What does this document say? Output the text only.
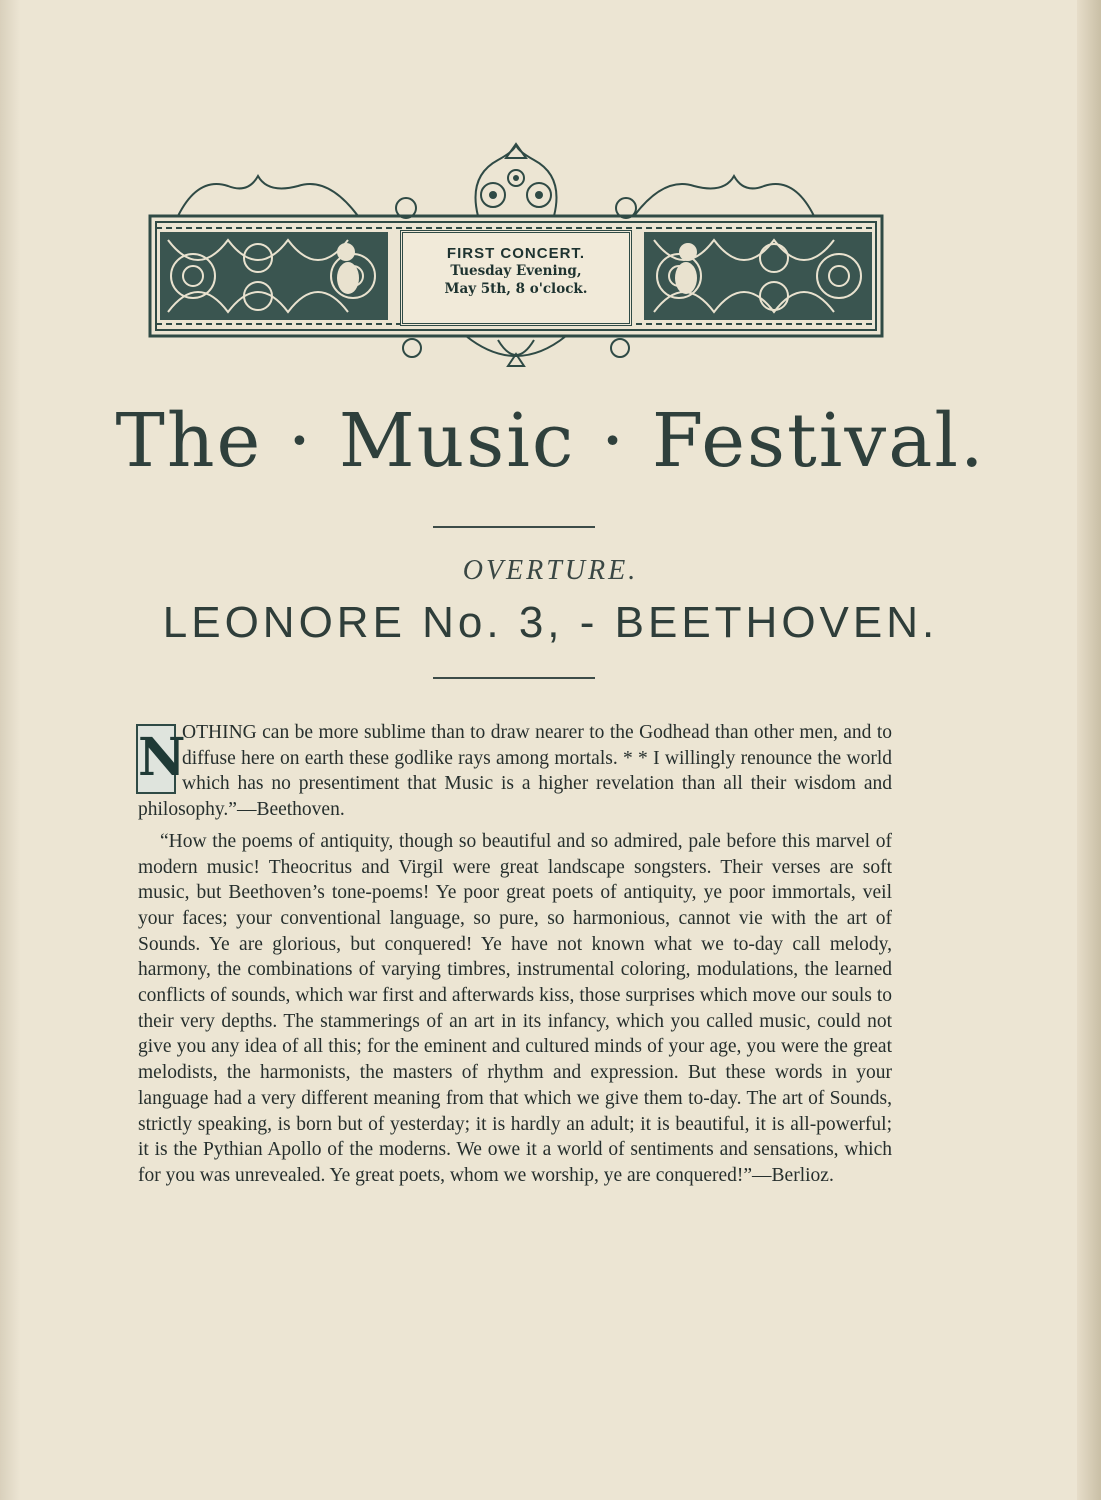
FIRST CONCERT.
Tuesday Evening,
May 5th, 8 o'clock.
The · Music · Festival.
OVERTURE.
LEONORE No. 3, - BEETHOVEN.

N
OTHING can be more sublime than to draw nearer to the Godhead than other men, and to diffuse here on earth these godlike rays among mortals. * * I willingly renounce the world which has no presentiment that Music is a higher revelation than all their wisdom and philosophy.”—Beethoven.

“How the poems of antiquity, though so beautiful and so admired, pale before this marvel of modern music! Theocritus and Virgil were great landscape songsters. Their verses are soft music, but Beethoven’s tone-poems! Ye poor great poets of antiquity, ye poor immortals, veil your faces; your conventional language, so pure, so harmonious, cannot vie with the art of Sounds. Ye are glorious, but conquered! Ye have not known what we to-day call melody, harmony, the combinations of varying timbres, instrumental coloring, modulations, the learned conflicts of sounds, which war first and afterwards kiss, those surprises which move our souls to their very depths. The stammerings of an art in its infancy, which you called music, could not give you any idea of all this; for the eminent and cultured minds of your age, you were the great melodists, the harmonists, the masters of rhythm and expression. But these words in your language had a very different meaning from that which we give them to-day. The art of Sounds, strictly speaking, is born but of yesterday; it is hardly an adult; it is beautiful, it is all-powerful; it is the Pythian Apollo of the moderns. We owe it a world of sentiments and sensations, which for you was unrevealed. Ye great poets, whom we worship, ye are conquered!”—Berlioz.
